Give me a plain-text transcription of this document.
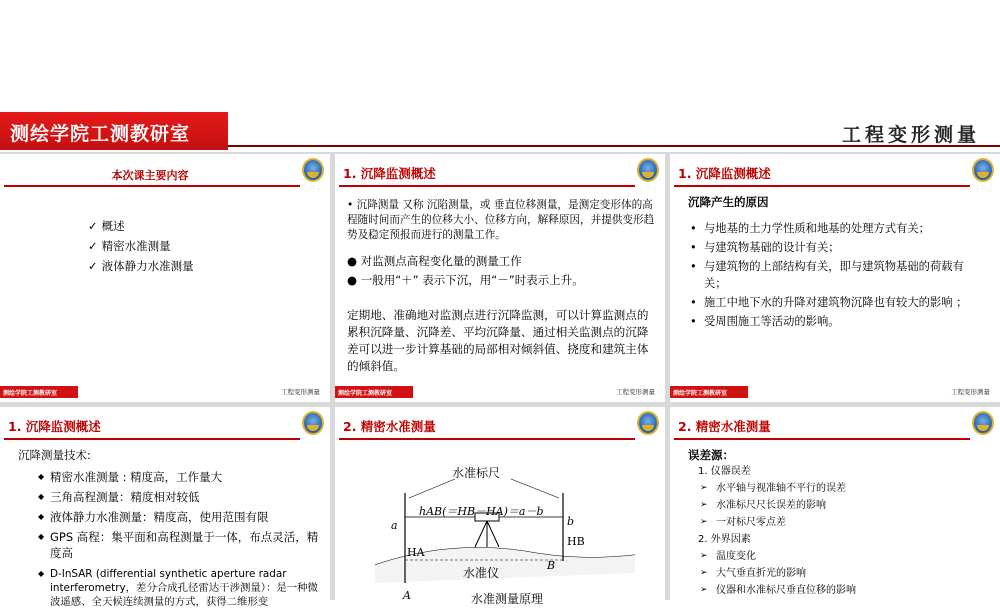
测绘学院工测教研室	工程变形测量
本次课主要内容
✓ 概述
✓ 精密水准测量
✓ 液体静力水准测量
测绘学院工测教研室	工程变形测量
1. 沉降监测概述

• 沉降测量 又称 沉陷测量，或 垂直位移测量，是测定变形体的高程随时间而产生的位移大小、位移方向，解释原因，并提供变形趋势及稳定预报而进行的测量工作。

● 对监测点高程变化量的测量工作
● 一般用“＋” 表示下沉，用“－”时表示上升。
定期地、准确地对监测点进行沉降监测，可以计算监测点的累积沉降量、沉降差、平均沉降量、通过相关监测点的沉降差可以进一步计算基础的局部相对倾斜值、挠度和建筑主体的倾斜值。
测绘学院工测教研室	工程变形测量
1. 沉降监测概述
沉降产生的原因
• 与地基的土力学性质和地基的处理方式有关；
• 与建筑物基础的设计有关；
• 与建筑物的上部结构有关，即与建筑物基础的荷载有关；
• 施工中地下水的升降对建筑物沉降也有较大的影响 ；
• 受周围施工等活动的影响。
测绘学院工测教研室	工程变形测量
1. 沉降监测概述
沉降测量技术:
◆ 精密水准测量 : 精度高，工作量大
◆ 三角高程测量：精度相对较低
◆ 液体静力水准测量：精度高，使用范围有限
◆ GPS 高程：集平面和高程测量于一体，布点灵活，精度高
◆ D-InSAR (differential synthetic aperture radar interferometry，差分合成孔径雷达干涉测量）：是一种微波遥感、全天候连续测量的方式，获得二维形变
2. 精密水准测量
水准标尺
hAB(＝HB－HA)＝a－b
a	b
HA
HB
B
A
水准仪
水准测量原理
2. 精密水准测量
误差源：
1. 仪器误差
➢ 水平轴与视准轴不平行的误差
➢ 水准标尺尺长误差的影响
➢ 一对标尺零点差
2. 外界因素
➢ 温度变化
➢ 大气垂直折光的影响
➢ 仪器和水准标尺垂直位移的影响
